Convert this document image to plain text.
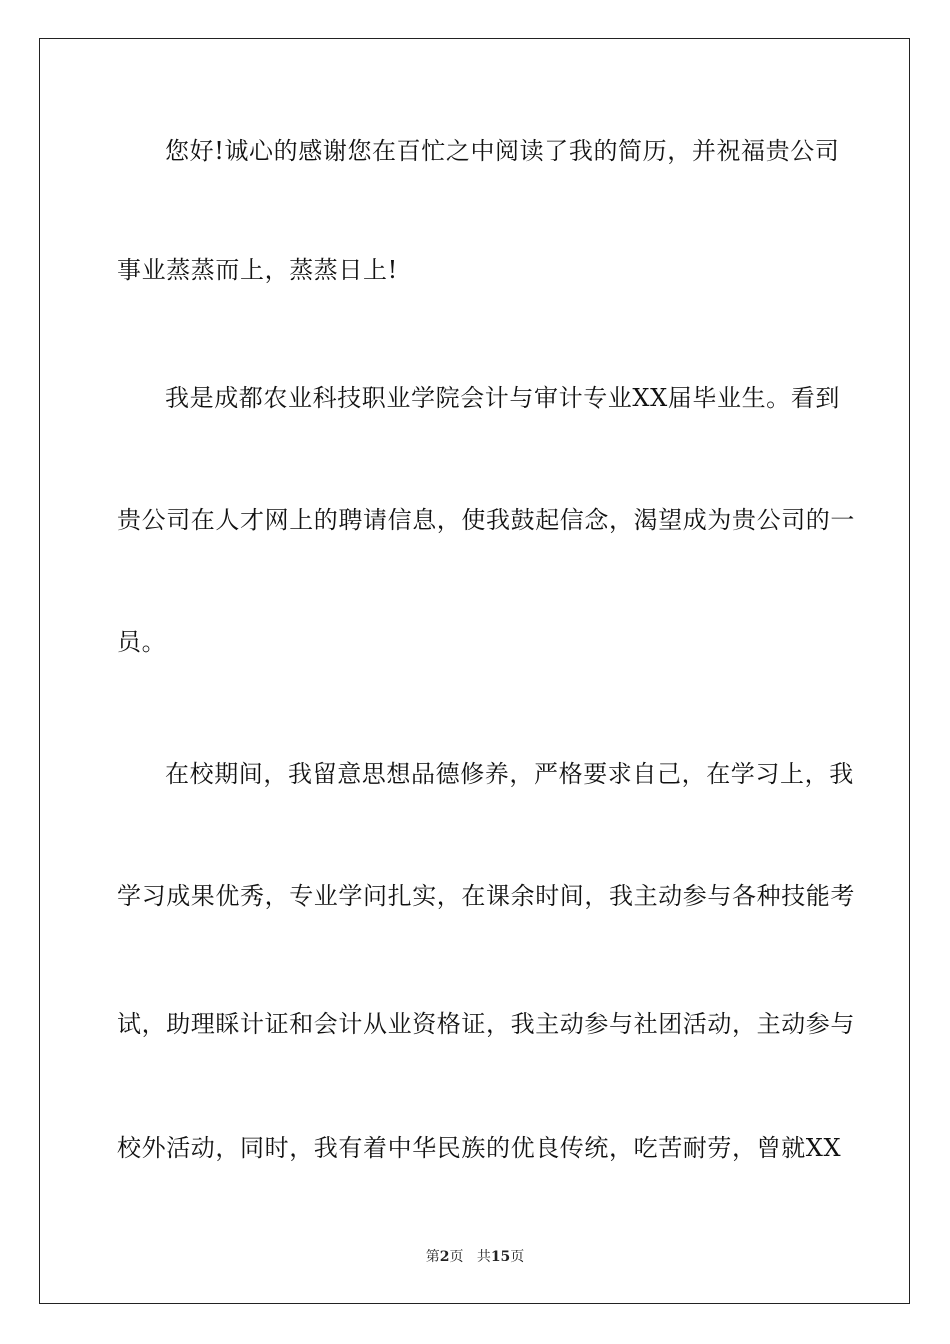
您好!诚心的感谢您在百忙之中阅读了我的简历，并祝福贵公司
事业蒸蒸而上，蒸蒸日上!
我是成都农业科技职业学院会计与审计专业XX届毕业生。看到
贵公司在人才网上的聘请信息，使我鼓起信念，渴望成为贵公司的一
员。
在校期间，我留意思想品德修养，严格要求自己，在学习上，我
学习成果优秀，专业学问扎实，在课余时间，我主动参与各种技能考
试，助理睬计证和会计从业资格证，我主动参与社团活动，主动参与
校外活动，同时，我有着中华民族的优良传统，吃苦耐劳，曾就XX
第2页 共15页
